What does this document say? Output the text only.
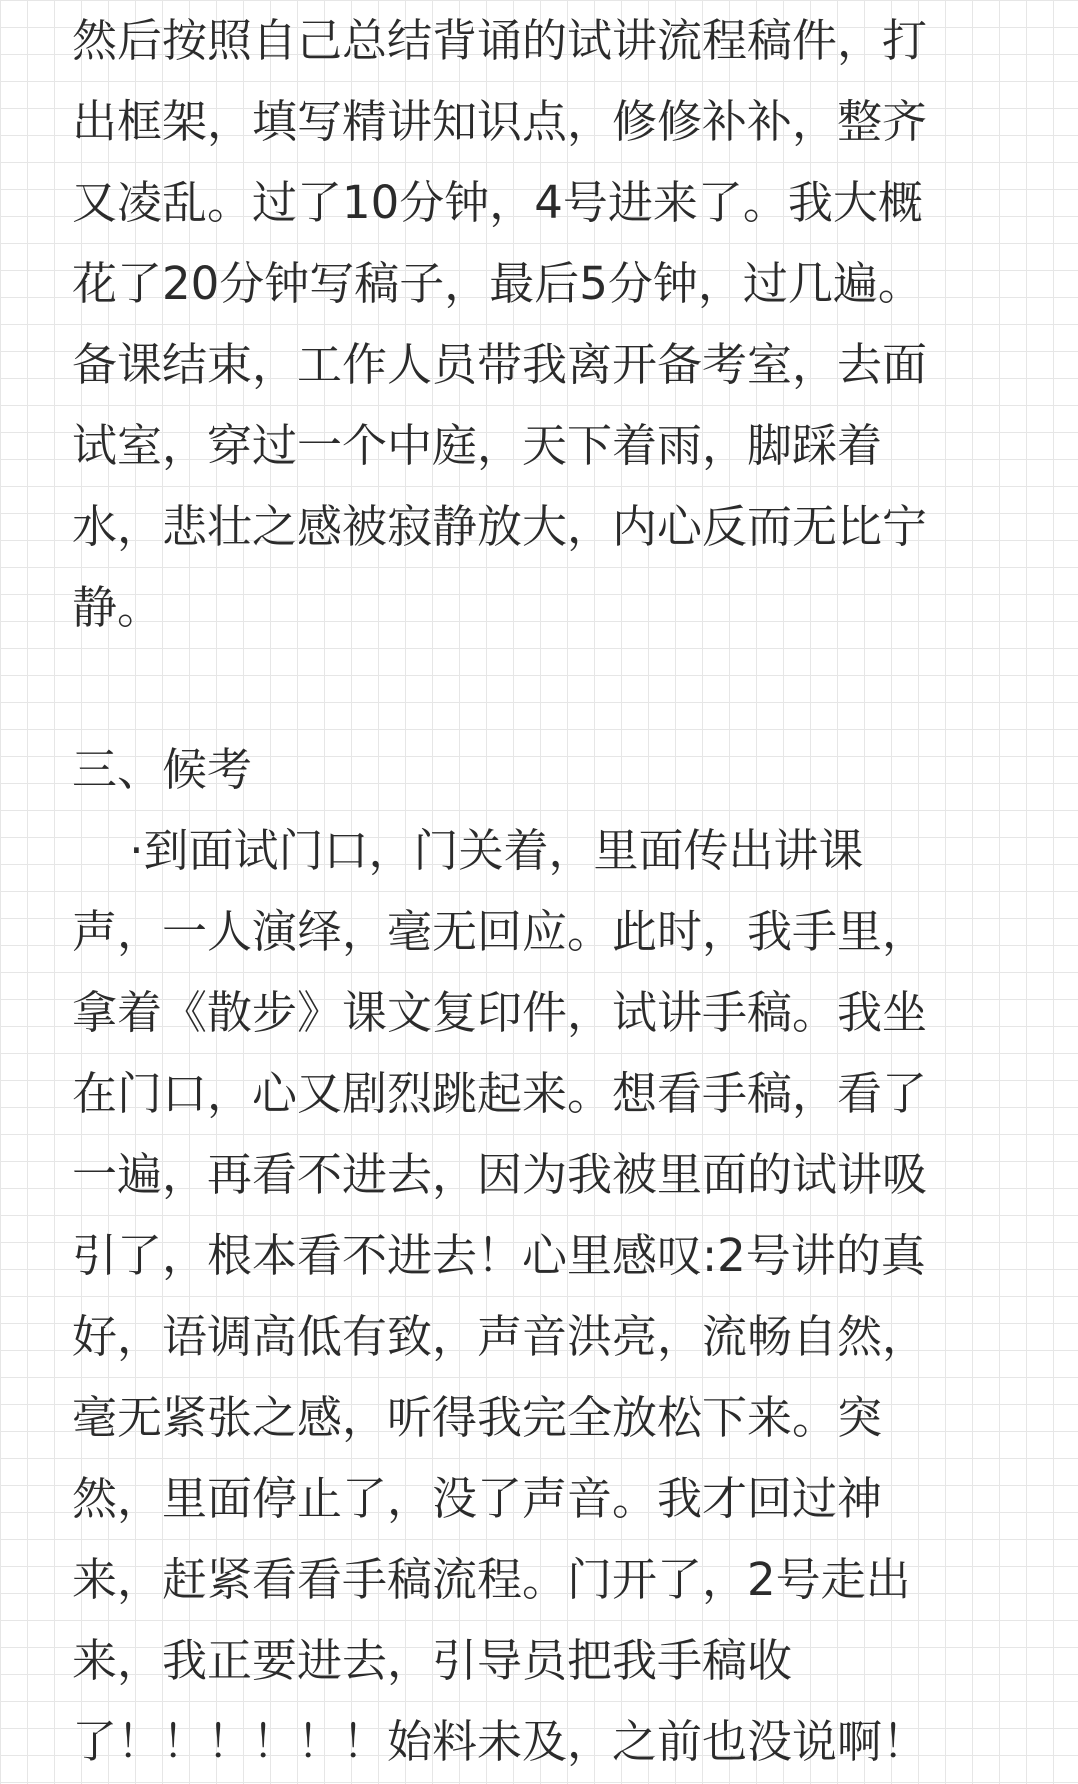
然后按照自己总结背诵的试讲流程稿件，打
出框架，填写精讲知识点，修修补补，整齐
又凌乱。过了10分钟，4号进来了。我大概
花了20分钟写稿子，最后5分钟，过几遍。
备课结束，工作人员带我离开备考室，去面
试室，穿过一个中庭，天下着雨，脚踩着
水，悲壮之感被寂静放大，内心反而无比宁
静。
三、候考
·到面试门口，门关着，里面传出讲课
声，一人演绎，毫无回应。此时，我手里，
拿着《散步》课文复印件，试讲手稿。我坐
在门口，心又剧烈跳起来。想看手稿，看了
一遍，再看不进去，因为我被里面的试讲吸
引了，根本看不进去！心里感叹:2号讲的真
好，语调高低有致，声音洪亮，流畅自然，
毫无紧张之感，听得我完全放松下来。突
然，里面停止了，没了声音。我才回过神
来，赶紧看看手稿流程。门开了，2号走出
来，我正要进去，引导员把我手稿收
了！！！！！！始料未及，之前也没说啊！
